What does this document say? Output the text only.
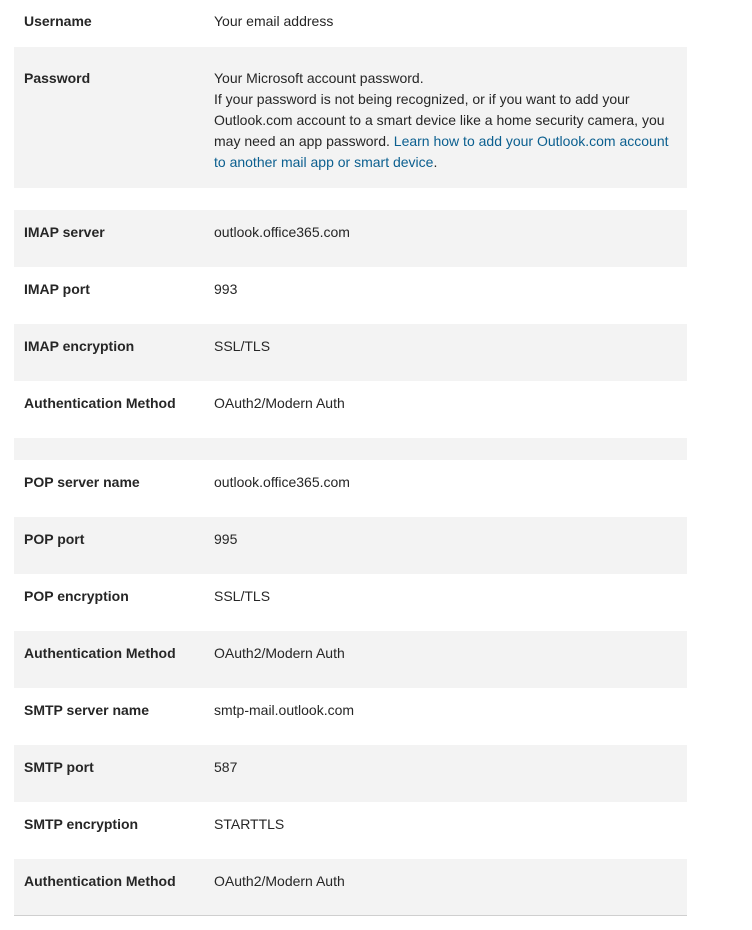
Username	Your email address
Password	Your Microsoft account password.

If your password is not being recognized, or if you want to add your Outlook.com account to a smart device like a home security camera, you may need an app password. Learn how to add your Outlook.com account to another mail app or smart device.

IMAP server	outlook.office365.com
IMAP port	993
IMAP encryption	SSL/TLS
Authentication Method	OAuth2/Modern Auth
POP server name	outlook.office365.com
POP port	995
POP encryption	SSL/TLS
Authentication Method	OAuth2/Modern Auth
SMTP server name	smtp-mail.outlook.com
SMTP port	587
SMTP encryption	STARTTLS
Authentication Method	OAuth2/Modern Auth
